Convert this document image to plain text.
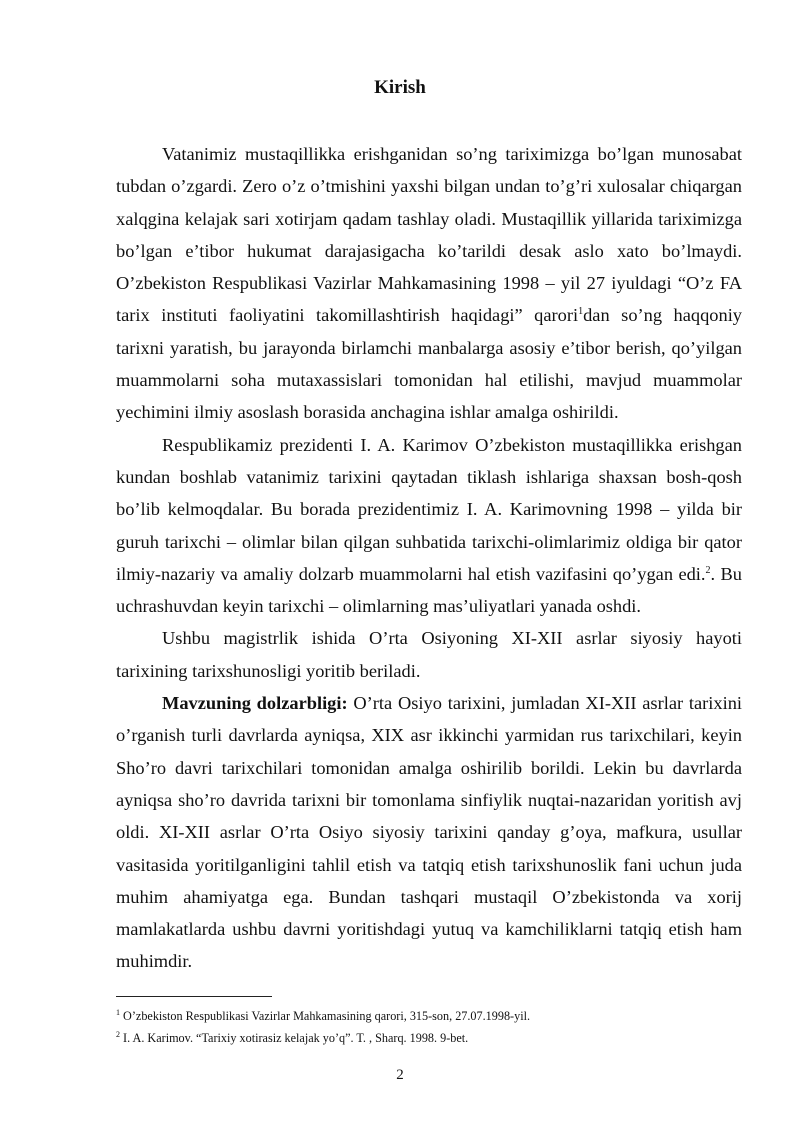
Kirish

Vatanimiz mustaqillikka erishganidan so’ng tariximizga bo’lgan munosabat tubdan o’zgardi. Zero o’z o’tmishini yaxshi bilgan undan to’g’ri xulosalar chiqargan xalqgina kelajak sari xotirjam qadam tashlay oladi. Mustaqillik yillarida tariximizga bo’lgan e’tibor hukumat darajasigacha ko’tarildi desak aslo xato bo’lmaydi. O’zbekiston Respublikasi Vazirlar Mahkamasining 1998 – yil 27 iyuldagi “O’z FA tarix instituti faoliyatini takomillashtirish haqidagi” qarori$^1$dan so’ng haqqoniy tarixni yaratish, bu jarayonda birlamchi manbalarga asosiy e’tibor berish, qo’yilgan muammolarni soha mutaxassislari tomonidan hal etilishi, mavjud muammolar yechimini ilmiy asoslash borasida anchagina ishlar amalga oshirildi.

Respublikamiz prezidenti I. A. Karimov O’zbekiston mustaqillikka erishgan kundan boshlab vatanimiz tarixini qaytadan tiklash ishlariga shaxsan bosh-qosh bo’lib kelmoqdalar. Bu borada prezidentimiz I. A. Karimovning 1998 – yilda bir guruh tarixchi – olimlar bilan qilgan suhbatida tarixchi-olimlarimiz oldiga bir qator ilmiy-nazariy va amaliy dolzarb muammolarni hal etish vazifasini qo’ygan edi.$^2$. Bu uchrashuvdan keyin tarixchi – olimlarning mas’uliyatlari yanada oshdi.

Ushbu magistrlik ishida O’rta Osiyoning XI-XII asrlar siyosiy hayoti tarixining tarixshunosligi yoritib beriladi.

Mavzuning dolzarbligi: O’rta Osiyo tarixini, jumladan XI-XII asrlar tarixini o’rganish turli davrlarda ayniqsa, XIX asr ikkinchi yarmidan rus tarixchilari, keyin Sho’ro davri tarixchilari tomonidan amalga oshirilib borildi. Lekin bu davrlarda ayniqsa sho’ro davrida tarixni bir tomonlama sinfiylik nuqtai-nazaridan yoritish avj oldi. XI-XII asrlar O’rta Osiyo siyosiy tarixini qanday g’oya, mafkura, usullar vasitasida yoritilganligini tahlil etish va tatqiq etish tarixshunoslik fani uchun juda muhim ahamiyatga ega. Bundan tashqari mustaqil O’zbekistonda va xorij mamlakatlarda ushbu davrni yoritishdagi yutuq va kamchiliklarni tatqiq etish ham muhimdir.

$^1$ O’zbekiston Respublikasi Vazirlar Mahkamasining qarori, 315-son, 27.07.1998-yil.
$^2$ I. A. Karimov. “Tarixiy xotirasiz kelajak yo’q”. T. , Sharq. 1998. 9-bet.
2
